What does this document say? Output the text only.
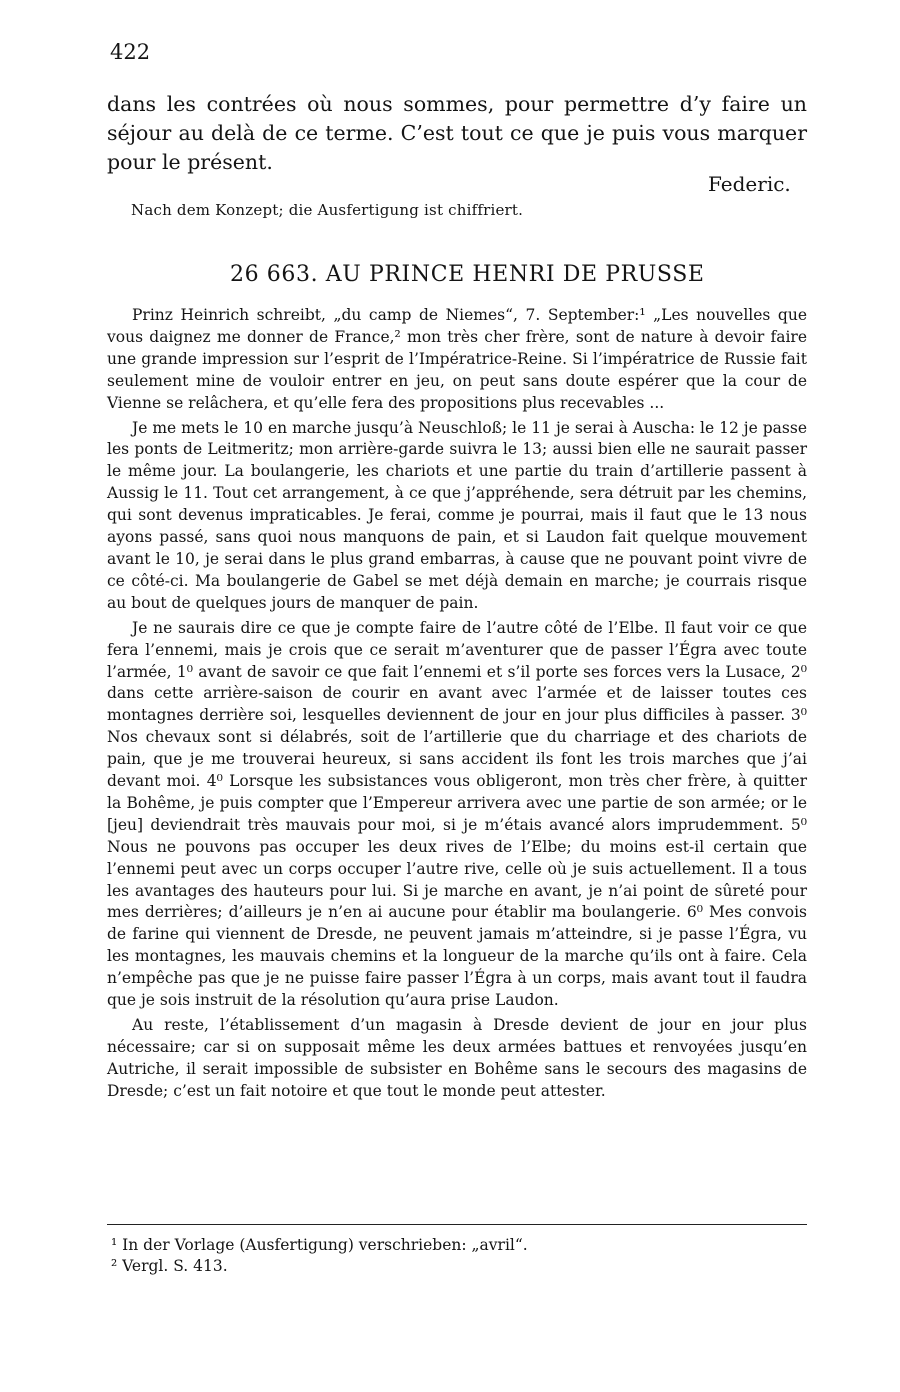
422
dans les contrées où nous sommes, pour permettre d’y faire un séjour au delà de ce terme. C’est tout ce que je puis vous marquer pour le présent.
Federic.
Nach dem Konzept; die Ausfertigung ist chiffriert.
26 663. AU PRINCE HENRI DE PRUSSE

Prinz Heinrich schreibt, „du camp de Niemes“, 7. September:¹ „Les nouvelles que vous daignez me donner de France,² mon très cher frère, sont de nature à devoir faire une grande impression sur l’esprit de l’Impératrice-Reine. Si l’impératrice de Russie fait seulement mine de vouloir entrer en jeu, on peut sans doute espérer que la cour de Vienne se relâchera, et qu’elle fera des propositions plus recevables ...

Je me mets le 10 en marche jusqu’à Neuschloß; le 11 je serai à Auscha: le 12 je passe les ponts de Leitmeritz; mon arrière-garde suivra le 13; aussi bien elle ne saurait passer le même jour. La boulangerie, les chariots et une partie du train d’artillerie passent à Aussig le 11. Tout cet arrangement, à ce que j’appréhende, sera détruit par les chemins, qui sont devenus impraticables. Je ferai, comme je pourrai, mais il faut que le 13 nous ayons passé, sans quoi nous manquons de pain, et si Laudon fait quelque mouvement avant le 10, je serai dans le plus grand embarras, à cause que ne pouvant point vivre de ce côté-ci. Ma boulangerie de Gabel se met déjà demain en marche; je courrais risque au bout de quelques jours de manquer de pain.

Je ne saurais dire ce que je compte faire de l’autre côté de l’Elbe. Il faut voir ce que fera l’ennemi, mais je crois que ce serait m’aventurer que de passer l’Égra avec toute l’armée, 1⁰ avant de savoir ce que fait l’ennemi et s’il porte ses forces vers la Lusace, 2⁰ dans cette arrière-saison de courir en avant avec l’armée et de laisser toutes ces montagnes derrière soi, lesquelles deviennent de jour en jour plus difficiles à passer. 3⁰ Nos chevaux sont si délabrés, soit de l’artillerie que du charriage et des chariots de pain, que je me trouverai heureux, si sans accident ils font les trois marches que j’ai devant moi. 4⁰ Lorsque les subsistances vous obligeront, mon très cher frère, à quitter la Bohême, je puis compter que l’Empereur arrivera avec une partie de son armée; or le [jeu] deviendrait très mauvais pour moi, si je m’étais avancé alors imprudemment. 5⁰ Nous ne pouvons pas occuper les deux rives de l’Elbe; du moins est-il certain que l’ennemi peut avec un corps occuper l’autre rive, celle où je suis actuellement. Il a tous les avantages des hauteurs pour lui. Si je marche en avant, je n’ai point de sûreté pour mes derrières; d’ailleurs je n’en ai aucune pour établir ma boulangerie. 6⁰ Mes convois de farine qui viennent de Dresde, ne peuvent jamais m’atteindre, si je passe l’Égra, vu les montagnes, les mauvais chemins et la longueur de la marche qu’ils ont à faire. Cela n’empêche pas que je ne puisse faire passer l’Égra à un corps, mais avant tout il faudra que je sois instruit de la résolution qu’aura prise Laudon.

Au reste, l’établissement d’un magasin à Dresde devient de jour en jour plus nécessaire; car si on supposait même les deux armées battues et renvoyées jusqu’en Autriche, il serait impossible de subsister en Bohême sans le secours des magasins de Dresde; c’est un fait notoire et que tout le monde peut attester.

¹ In der Vorlage (Ausfertigung) verschrieben: „avril“.
² Vergl. S. 413.
